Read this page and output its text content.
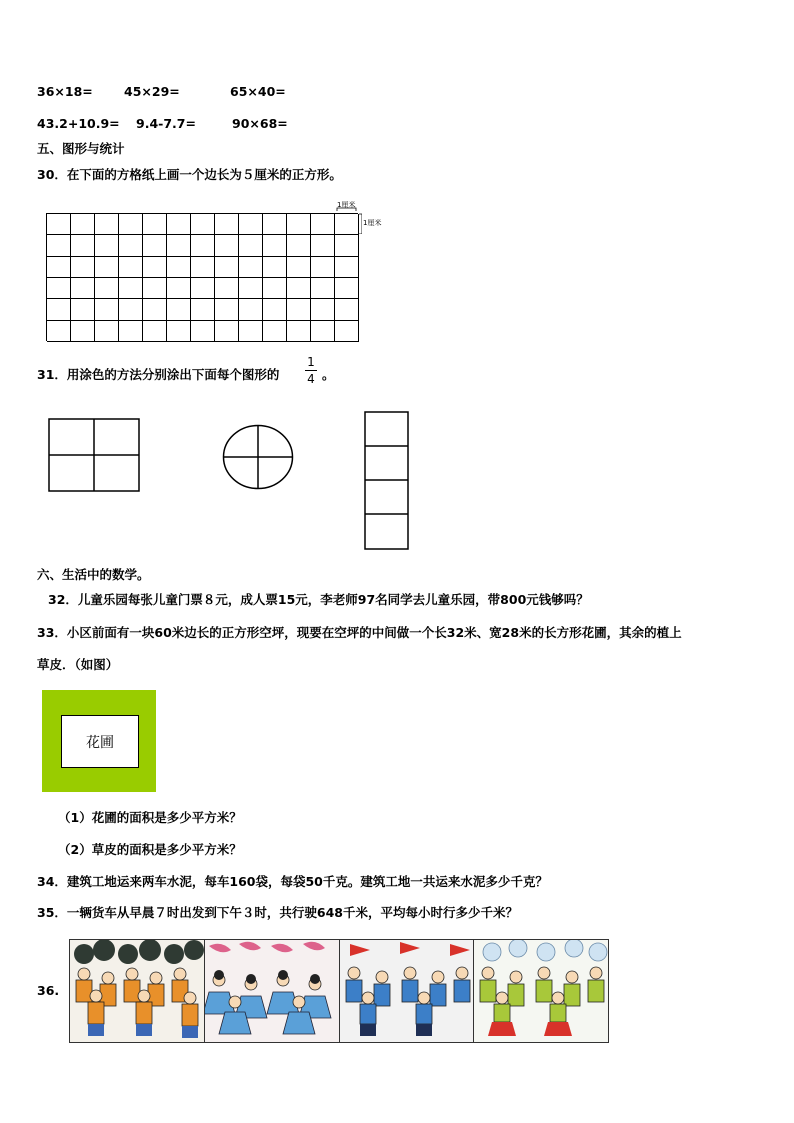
36×18=	45×29=	65×40=
43.2+10.9= 9.4-7.7=	90×68=
五、图形与统计
30．在下面的方格纸上画一个边长为５厘米的正方形。
1厘米
1厘米
31．用涂色的方法分别涂出下面每个图形的
1
4 。
六、生活中的数学。
32．儿童乐园每张儿童门票８元，成人票15元，李老师97名同学去儿童乐园，带800元钱够吗？
33．小区前面有一块60米边长的正方形空坪，现要在空坪的中间做一个长32米、宽28米的长方形花圃，其余的植上
草皮．（如图）
花圃
（1）花圃的面积是多少平方米？
（2）草皮的面积是多少平方米？
34．建筑工地运来两车水泥，每车160袋，每袋50千克。建筑工地一共运来水泥多少千克？
35．一辆货车从早晨７时出发到下午３时，共行驶648千米，平均每小时行多少千米？
36.
